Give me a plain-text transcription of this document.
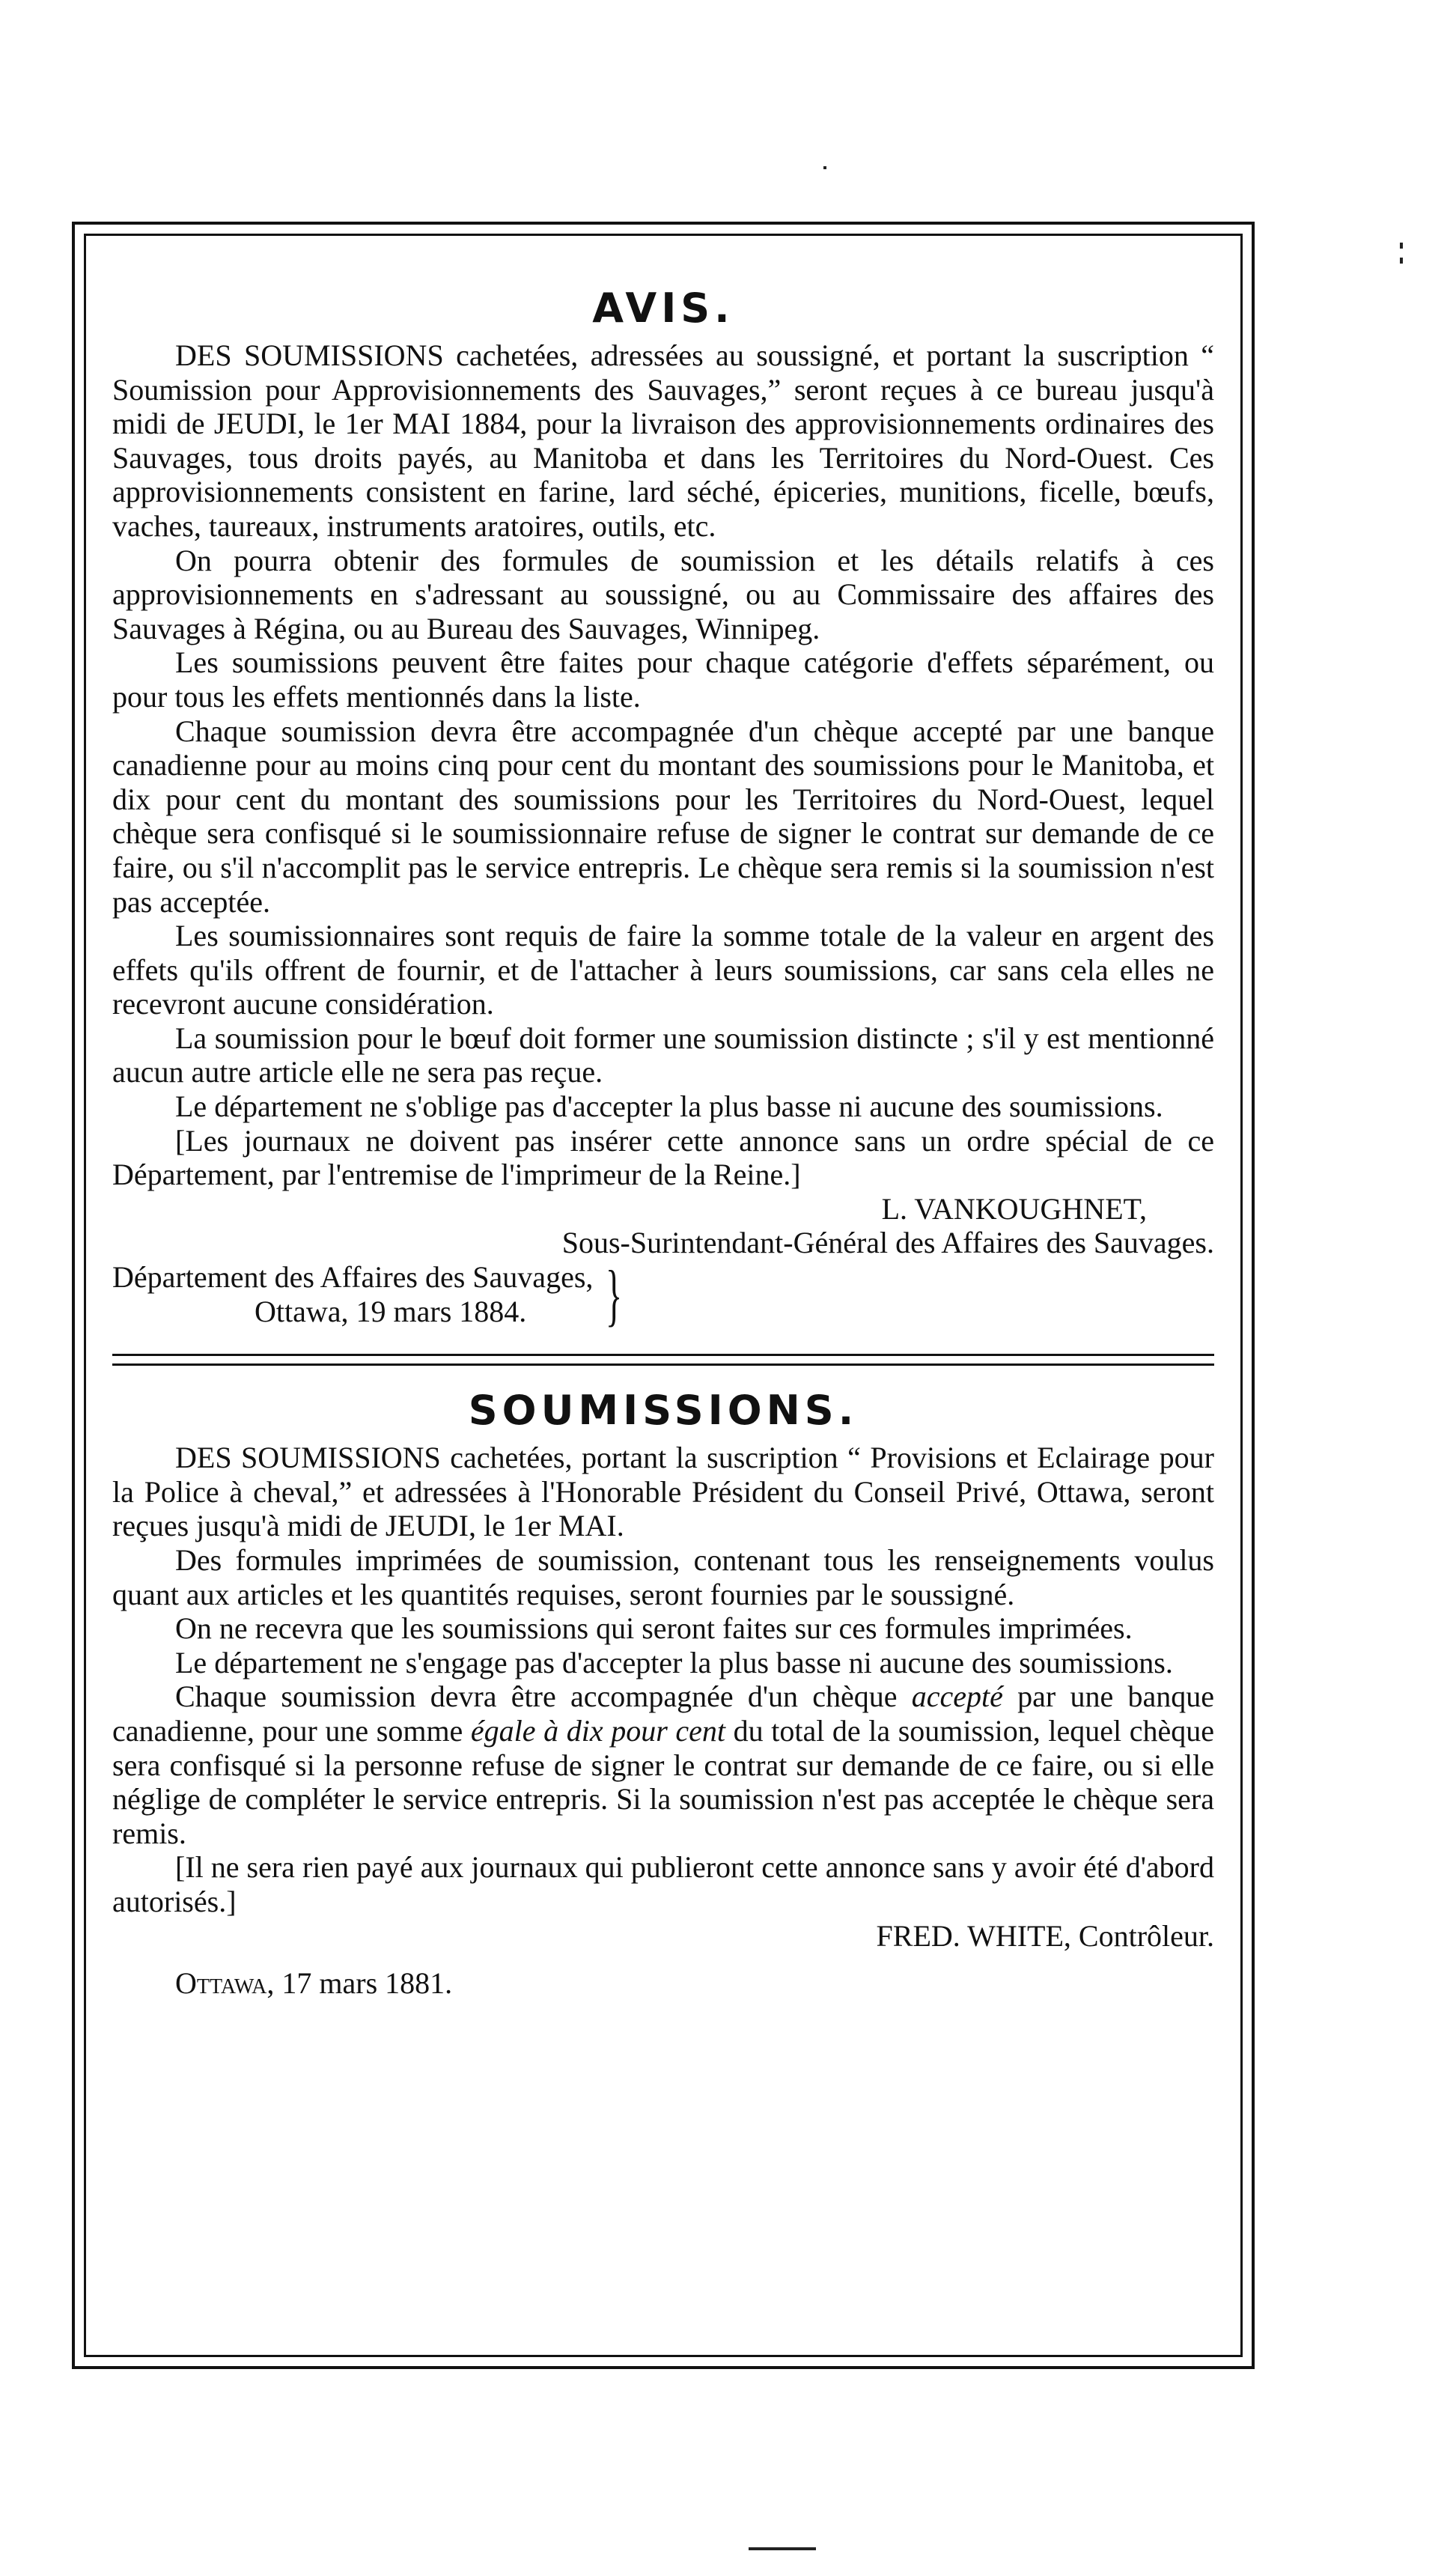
AVIS.

DES SOUMISSIONS cachetées, adressées au soussigné, et portant la suscription “ Soumission pour Approvisionnements des Sauvages,” seront reçues à ce bureau jusqu'à midi de JEUDI, le 1er MAI 1884, pour la livraison des approvisionnements ordinaires des Sauvages, tous droits payés, au Manitoba et dans les Territoires du Nord-Ouest. Ces approvisionnements consistent en farine, lard séché, épiceries, munitions, ficelle, bœufs, vaches, taureaux, instruments aratoires, outils, etc.

On pourra obtenir des formules de soumission et les détails relatifs à ces approvisionnements en s'adressant au soussigné, ou au Commissaire des affaires des Sauvages à Régina, ou au Bureau des Sauvages, Winnipeg.

Les soumissions peuvent être faites pour chaque catégorie d'effets séparément, ou pour tous les effets mentionnés dans la liste.

Chaque soumission devra être accompagnée d'un chèque accepté par une banque canadienne pour au moins cinq pour cent du montant des soumissions pour le Manitoba, et dix pour cent du montant des soumissions pour les Territoires du Nord-Ouest, lequel chèque sera confisqué si le soumissionnaire refuse de signer le contrat sur demande de ce faire, ou s'il n'accomplit pas le service entrepris. Le chèque sera remis si la soumission n'est pas acceptée.

Les soumissionnaires sont requis de faire la somme totale de la valeur en argent des effets qu'ils offrent de fournir, et de l'attacher à leurs soumissions, car sans cela elles ne recevront aucune considération.

La soumission pour le bœuf doit former une soumission distincte ; s'il y est mentionné aucun autre article elle ne sera pas reçue.

Le département ne s'oblige pas d'accepter la plus basse ni aucune des soumissions.

[Les journaux ne doivent pas insérer cette annonce sans un ordre spécial de ce Département, par l'entremise de l'imprimeur de la Reine.]

L. VANKOUGHNET,

Sous-Surintendant-Général des Affaires des Sauvages.

Département des Affaires des Sauvages,
Ottawa, 19 mars 1884.	}
SOUMISSIONS.

DES SOUMISSIONS cachetées, portant la suscription “ Provisions et Eclairage pour la Police à cheval,” et adressées à l'Honorable Président du Conseil Privé, Ottawa, seront reçues jusqu'à midi de JEUDI, le 1er MAI.

Des formules imprimées de soumission, contenant tous les renseignements voulus quant aux articles et les quantités requises, seront fournies par le soussigné.

On ne recevra que les soumissions qui seront faites sur ces formules imprimées.

Le département ne s'engage pas d'accepter la plus basse ni aucune des soumissions.

Chaque soumission devra être accompagnée d'un chèque accepté par une banque canadienne, pour une somme égale à dix pour cent du total de la soumission, lequel chèque sera confisqué si la personne refuse de signer le contrat sur demande de ce faire, ou si elle néglige de compléter le service entrepris. Si la soumission n'est pas acceptée le chèque sera remis.

[Il ne sera rien payé aux journaux qui publieront cette annonce sans y avoir été d'abord autorisés.]

FRED. WHITE, Contrôleur.

Ottawa, 17 mars 1881.
